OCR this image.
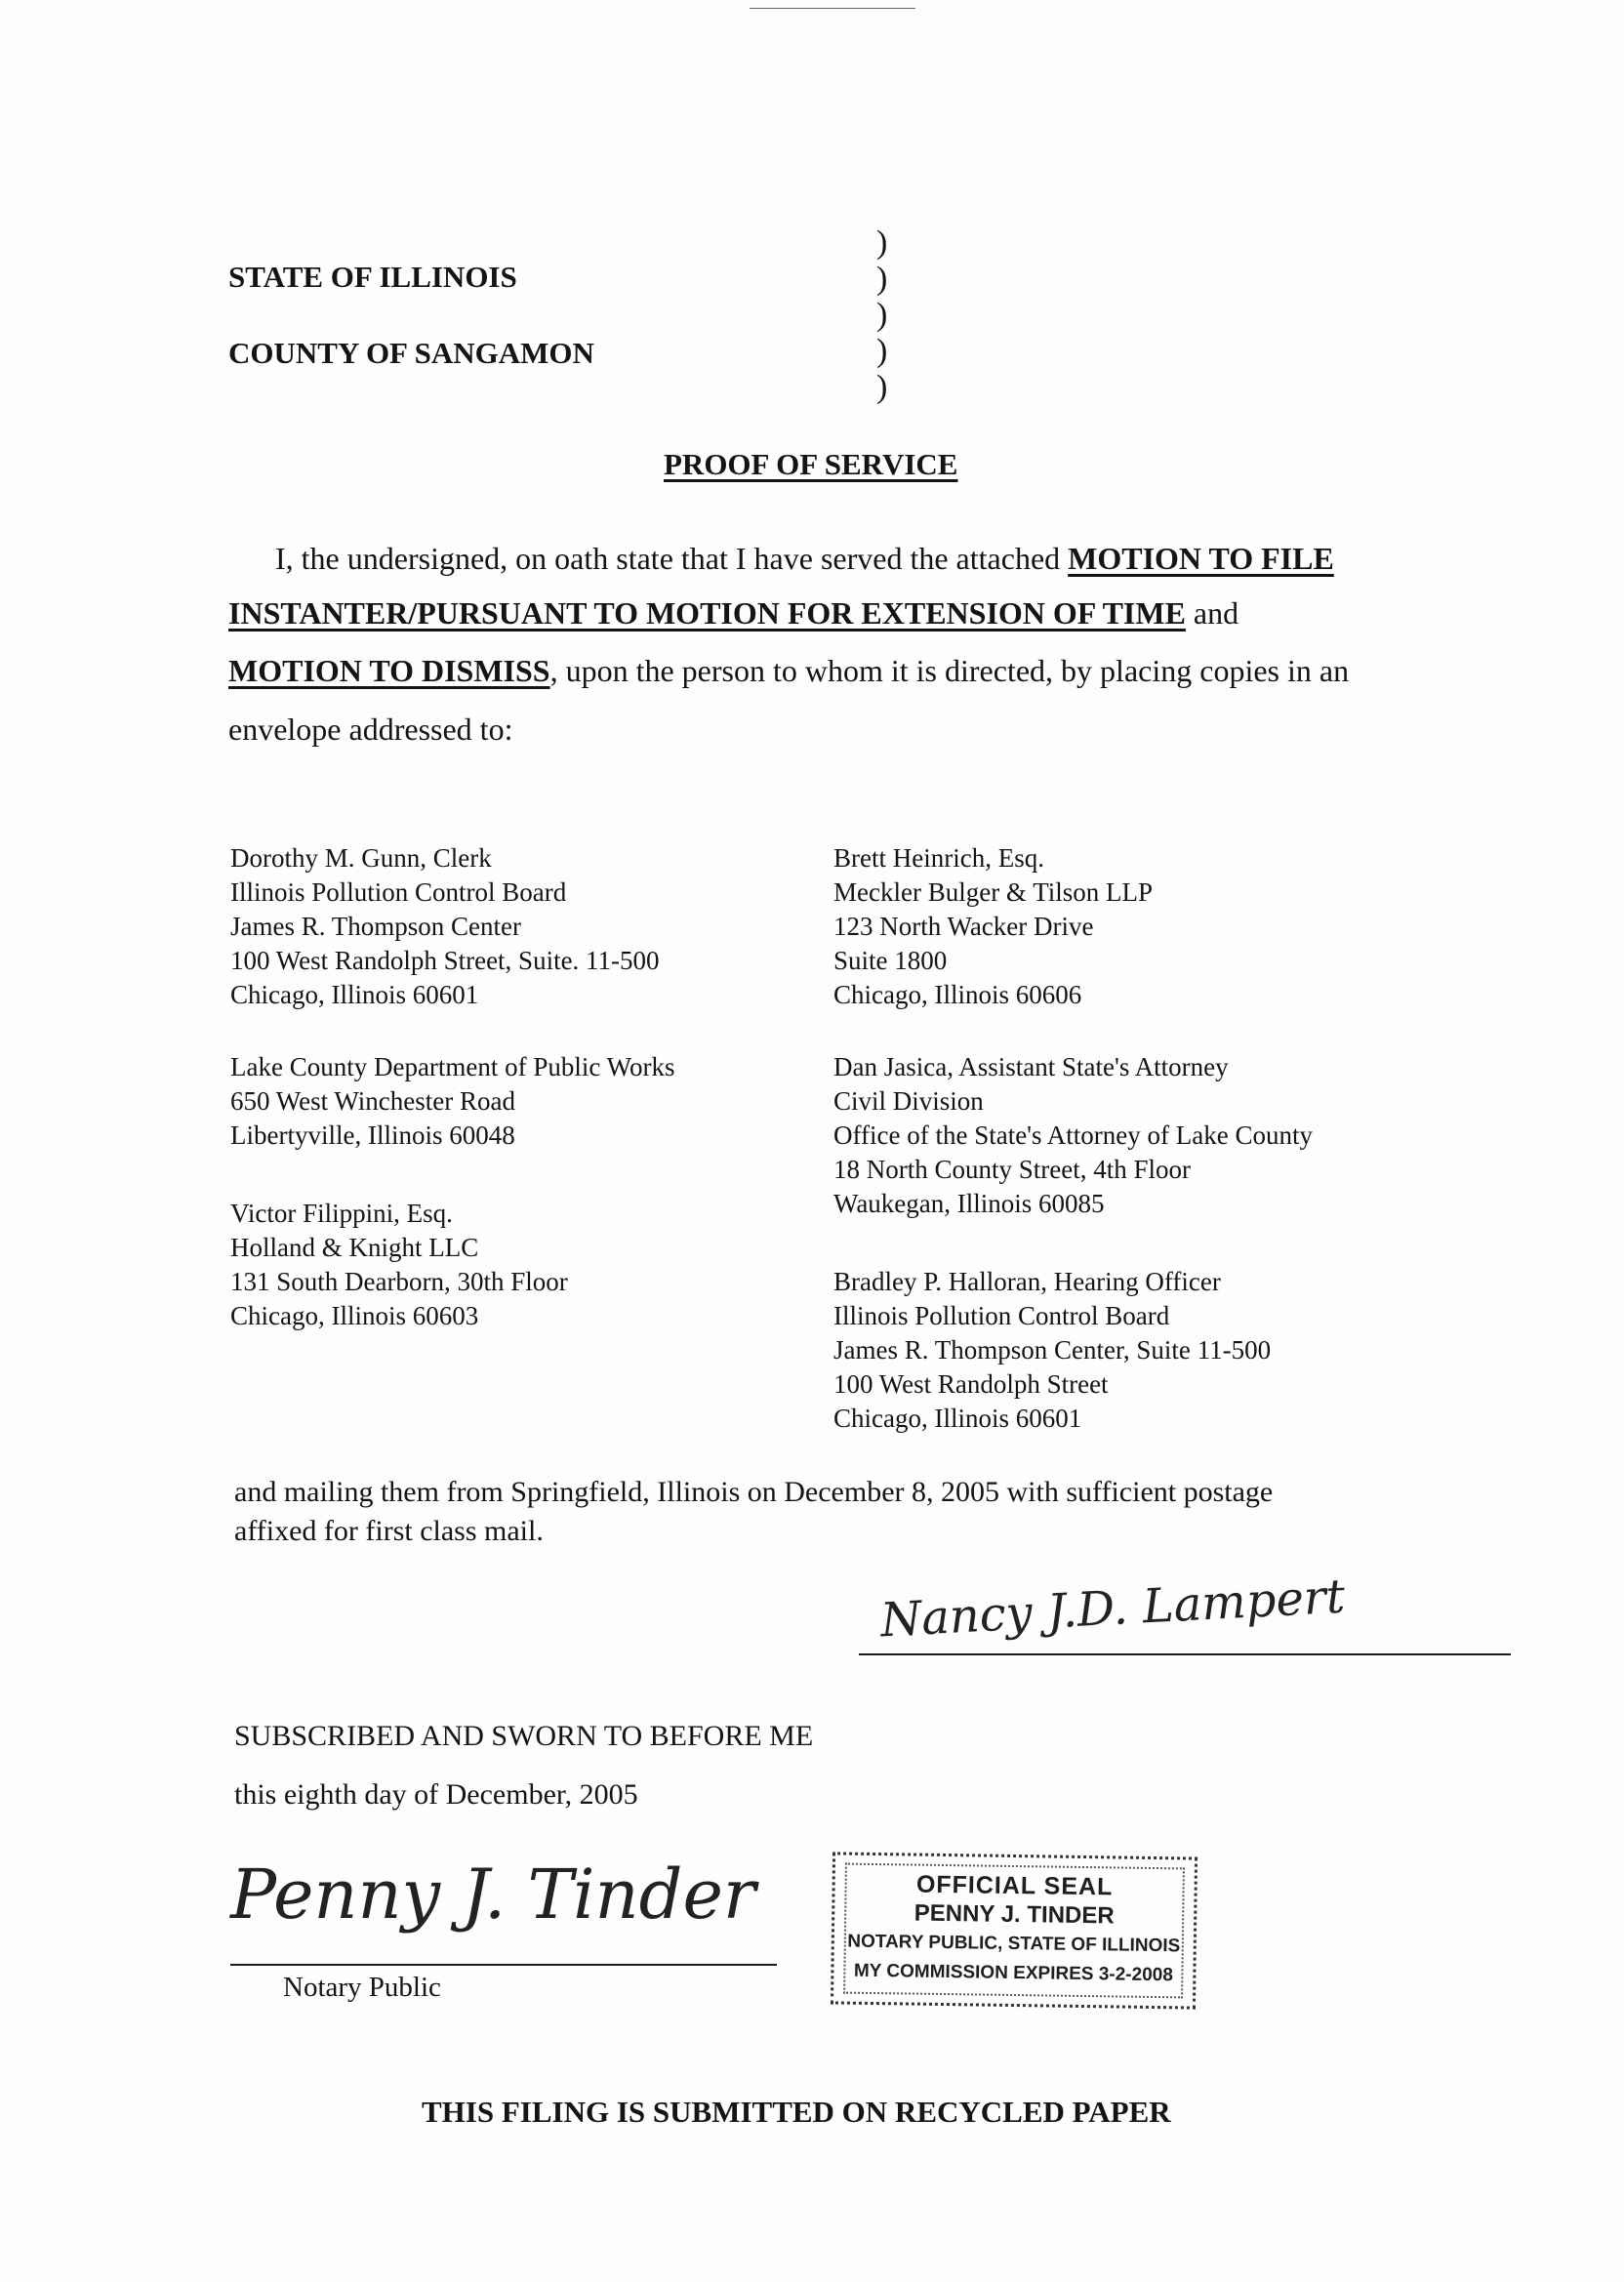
STATE OF ILLINOIS
COUNTY OF SANGAMON
)
)
)
)
)
PROOF OF SERVICE
I, the undersigned, on oath state that I have served the attached MOTION TO FILE
INSTANTER/PURSUANT TO MOTION FOR EXTENSION OF TIME and
MOTION TO DISMISS, upon the person to whom it is directed, by placing copies in an
envelope addressed to:
Dorothy M. Gunn, Clerk
Illinois Pollution Control Board
James R. Thompson Center
100 West Randolph Street, Suite. 11-500
Chicago, Illinois 60601
Lake County Department of Public Works
650 West Winchester Road
Libertyville, Illinois 60048
Victor Filippini, Esq.
Holland & Knight LLC
131 South Dearborn, 30th Floor
Chicago, Illinois 60603
Brett Heinrich, Esq.
Meckler Bulger & Tilson LLP
123 North Wacker Drive
Suite 1800
Chicago, Illinois 60606
Dan Jasica, Assistant State's Attorney
Civil Division
Office of the State's Attorney of Lake County
18 North County Street, 4th Floor
Waukegan, Illinois 60085
Bradley P. Halloran, Hearing Officer
Illinois Pollution Control Board
James R. Thompson Center, Suite 11-500
100 West Randolph Street
Chicago, Illinois 60601
and mailing them from Springfield, Illinois on December 8, 2005 with sufficient postage
affixed for first class mail.
Nancy J.D. Lampert
SUBSCRIBED AND SWORN TO BEFORE ME
this eighth day of December, 2005
Penny J. Tinder
Notary Public
OFFICIAL SEAL
PENNY J. TINDER
NOTARY PUBLIC, STATE OF ILLINOIS
MY COMMISSION EXPIRES 3-2-2008
THIS FILING IS SUBMITTED ON RECYCLED PAPER
